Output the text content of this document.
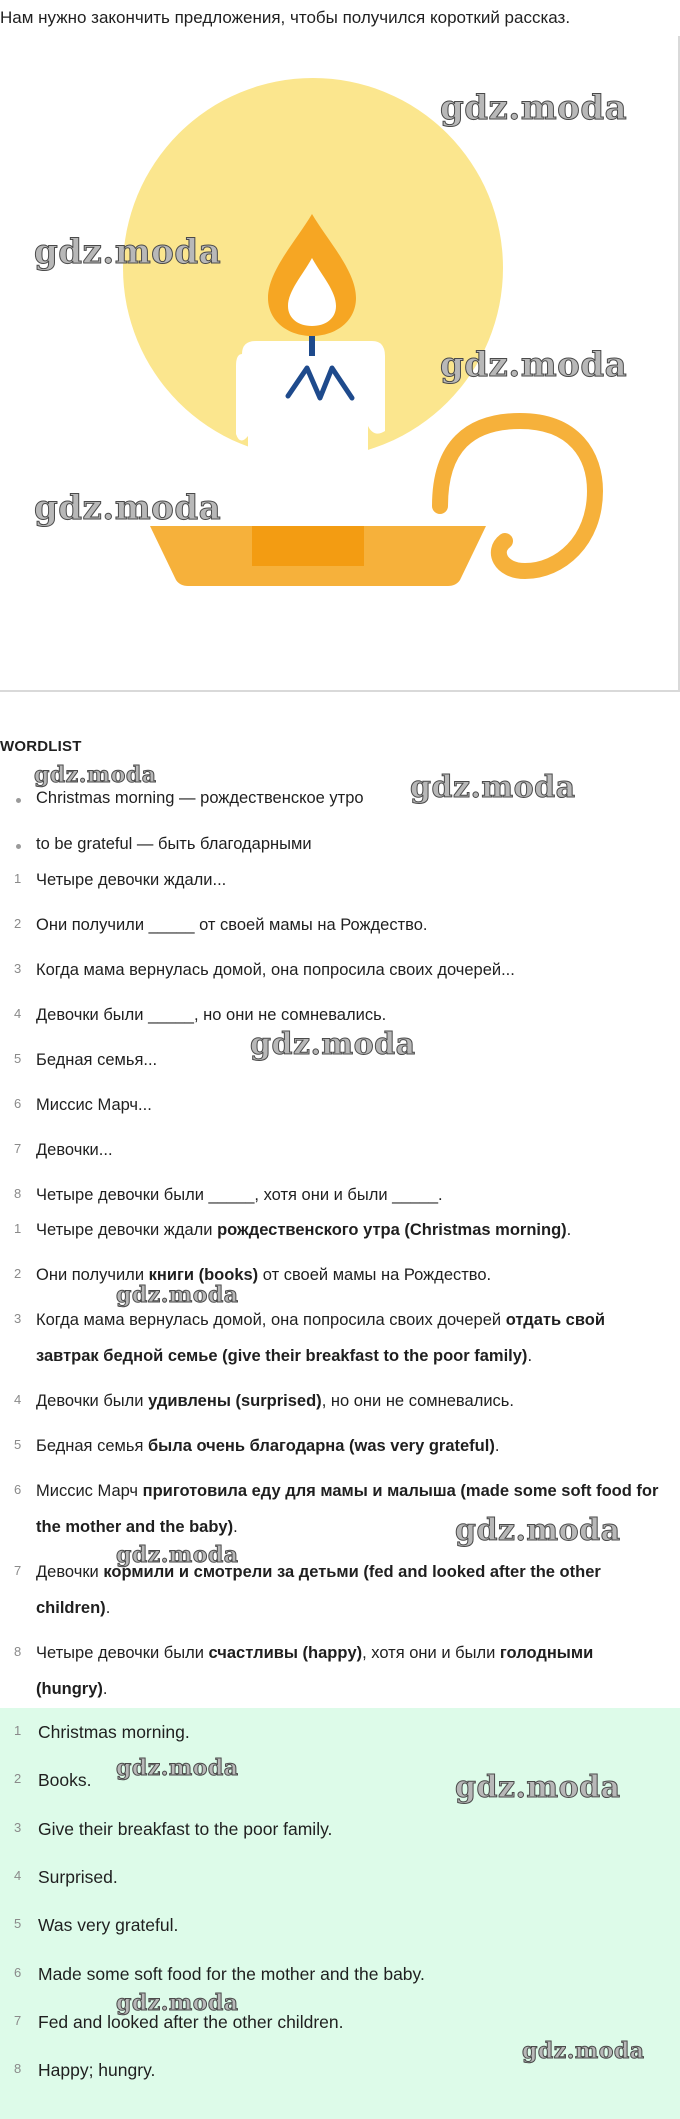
Нам нужно закончить предложения, чтобы получился короткий рассказ.
WORDLIST
Christmas morning — рождественское утро
to be grateful — быть благодарными
1 Четыре девочки ждали...
2 Они получили _____ от своей мамы на Рождество.
3 Когда мама вернулась домой, она попросила своих дочерей...
4 Девочки были _____, но они не сомневались.
5 Бедная семья...
6 Миссис Марч...
7 Девочки...
8 Четыре девочки были _____, хотя они и были _____.
1 Четыре девочки ждали рождественского утра (Christmas morning).
2 Они получили книги (books) от своей мамы на Рождество.
3 Когда мама вернулась домой, она попросила своих дочерей отдать свой завтрак бедной семье (give their breakfast to the poor family).
4 Девочки были удивлены (surprised), но они не сомневались.
5 Бедная семья была очень благодарна (was very grateful).
6 Миссис Марч приготовила еду для мамы и малыша (made some soft food for the mother and the baby).
7 Девочки кормили и смотрели за детьми (fed and looked after the other children).
8 Четыре девочки были счастливы (happy), хотя они и были голодными (hungry).
1 Christmas morning.
2 Books.
3 Give their breakfast to the poor family.
4 Surprised.
5 Was very grateful.
6 Made some soft food for the mother and the baby.
7 Fed and looked after the other children.
8 Happy; hungry.
gdz.moda
gdz.moda
gdz.moda
gdz.moda
gdz.moda	gdz.moda
gdz.moda
gdz.moda
gdz.moda
gdz.moda
gdz.moda
gdz.moda
gdz.moda
gdz.moda
